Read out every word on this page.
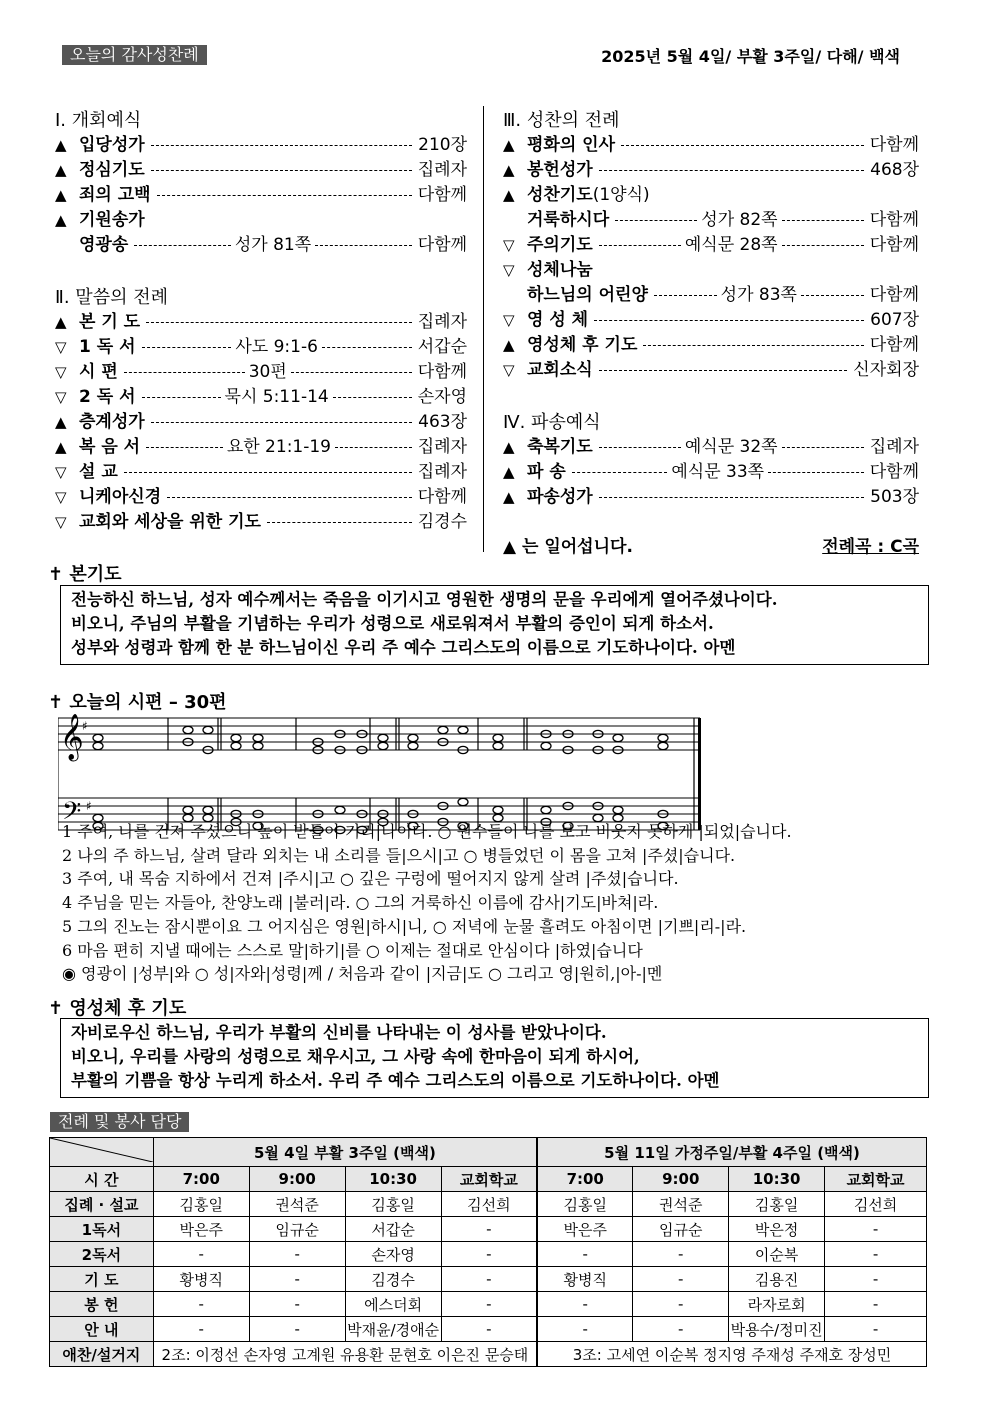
오늘의 감사성찬례	2025년 5월 4일/ 부활 3주일/ 다해/ 백색
Ⅰ. 개회예식
▲ 입당성가	210장
▲ 정심기도	집례자
▲ 죄의 고백	다함께
▲ 기원송가
영광송	성가 81쪽	다함께
Ⅱ. 말씀의 전례
▲ 본 기 도	집례자
▽ 1 독 서	사도 9:1-6	서갑순
▽ 시 편	30편	다함께
▽ 2 독 서	묵시 5:11-14	손자영
▲ 층계성가	463장
▲ 복 음 서	요한 21:1-19	집례자
▽ 설 교	집례자
▽ 니케아신경	다함께
▽ 교회와 세상을 위한 기도	김경수
Ⅲ. 성찬의 전례
▲ 평화의 인사	다함께
▲ 봉헌성가	468장
▲ 성찬기도 (1양식)
거룩하시다	성가 82쪽	다함께
▽ 주의기도	예식문 28쪽	다함께
▽ 성체나눔
하느님의 어린양	성가 83쪽	다함께
▽ 영 성 체	607장
▲ 영성체 후 기도	다함께
▽ 교회소식	신자회장
Ⅳ. 파송예식
▲ 축복기도	예식문 32쪽	집례자
▲ 파 송	예식문 33쪽	다함께
▲ 파송성가	503장
▲ 는 일어섭니다.	전례곡 : C곡
✝ 본기도
전능하신 하느님, 성자 예수께서는 죽음을 이기시고 영원한 생명의 문을 우리에게 열어주셨나이다.
비오니, 주님의 부활을 기념하는 우리가 성령으로 새로워져서 부활의 증인이 되게 하소서.
성부와 성령과 함께 한 분 하느님이신 우리 주 예수 그리스도의 이름으로 기도하나이다. 아멘
✝ 오늘의 시편 – 30편
𝄞
𝄢
♯
♯
1 주여, 나를 건져 주셨으니 높이 받들어 기리|나이다. ○ 원수들이 나를 보고 비웃지 못하게 |되었|습니다.
2 나의 주 하느님, 살려 달라 외치는 내 소리를 들|으시|고 ○ 병들었던 이 몸을 고쳐 |주셨|습니다.
3 주여, 내 목숨 지하에서 건져 |주시|고 ○ 깊은 구렁에 떨어지지 않게 살려 |주셨|습니다.
4 주님을 믿는 자들아, 찬양노래 |불러|라. ○ 그의 거룩하신 이름에 감사|기도|바쳐|라.
5 그의 진노는 잠시뿐이요 그 어지심은 영원|하시|니, ○ 저녁에 눈물 흘려도 아침이면 |기쁘|리-|라.
6 마음 편히 지낼 때에는 스스로 말|하기|를 ○ 이제는 절대로 안심이다 |하였|습니다
◉ 영광이 |성부|와 ○ 성|자와|성령|께 / 처음과 같이 |지금|도 ○ 그리고 영|원히,|아-|멘
✝ 영성체 후 기도
자비로우신 하느님, 우리가 부활의 신비를 나타내는 이 성사를 받았나이다.
비오니, 우리를 사랑의 성령으로 채우시고, 그 사랑 속에 한마음이 되게 하시어,
부활의 기쁨을 항상 누리게 하소서. 우리 주 예수 그리스도의 이름으로 기도하나이다. 아멘
전례 및 봉사 담당
	5월 4일 부활 3주일 (백색)				5월 11일 가정주일/부활 4주일 (백색)			
시 간	7:00	9:00	10:30	교회학교	7:00	9:00	10:30	교회학교
집례 · 설교	김홍일	권석준	김홍일	김선희	김홍일	권석준	김홍일	김선희
1독서	박은주	임규순	서갑순	-	박은주	임규순	박은정	-
2독서	-	-	손자영	-	-	-	이순복	-
기 도	황병직	-	김경수	-	황병직	-	김용진	-
봉 헌	-	-	에스더회	-	-	-	라자로회	-
안 내	-	-	박재윤/경애순	-	-	-	박용수/정미진	-
애찬/설거지	2조: 이정선 손자영 고계원 유용환 문현호 이은진 문승태				3조: 고세연 이순복 정지영 주재성 주재호 장성민			
